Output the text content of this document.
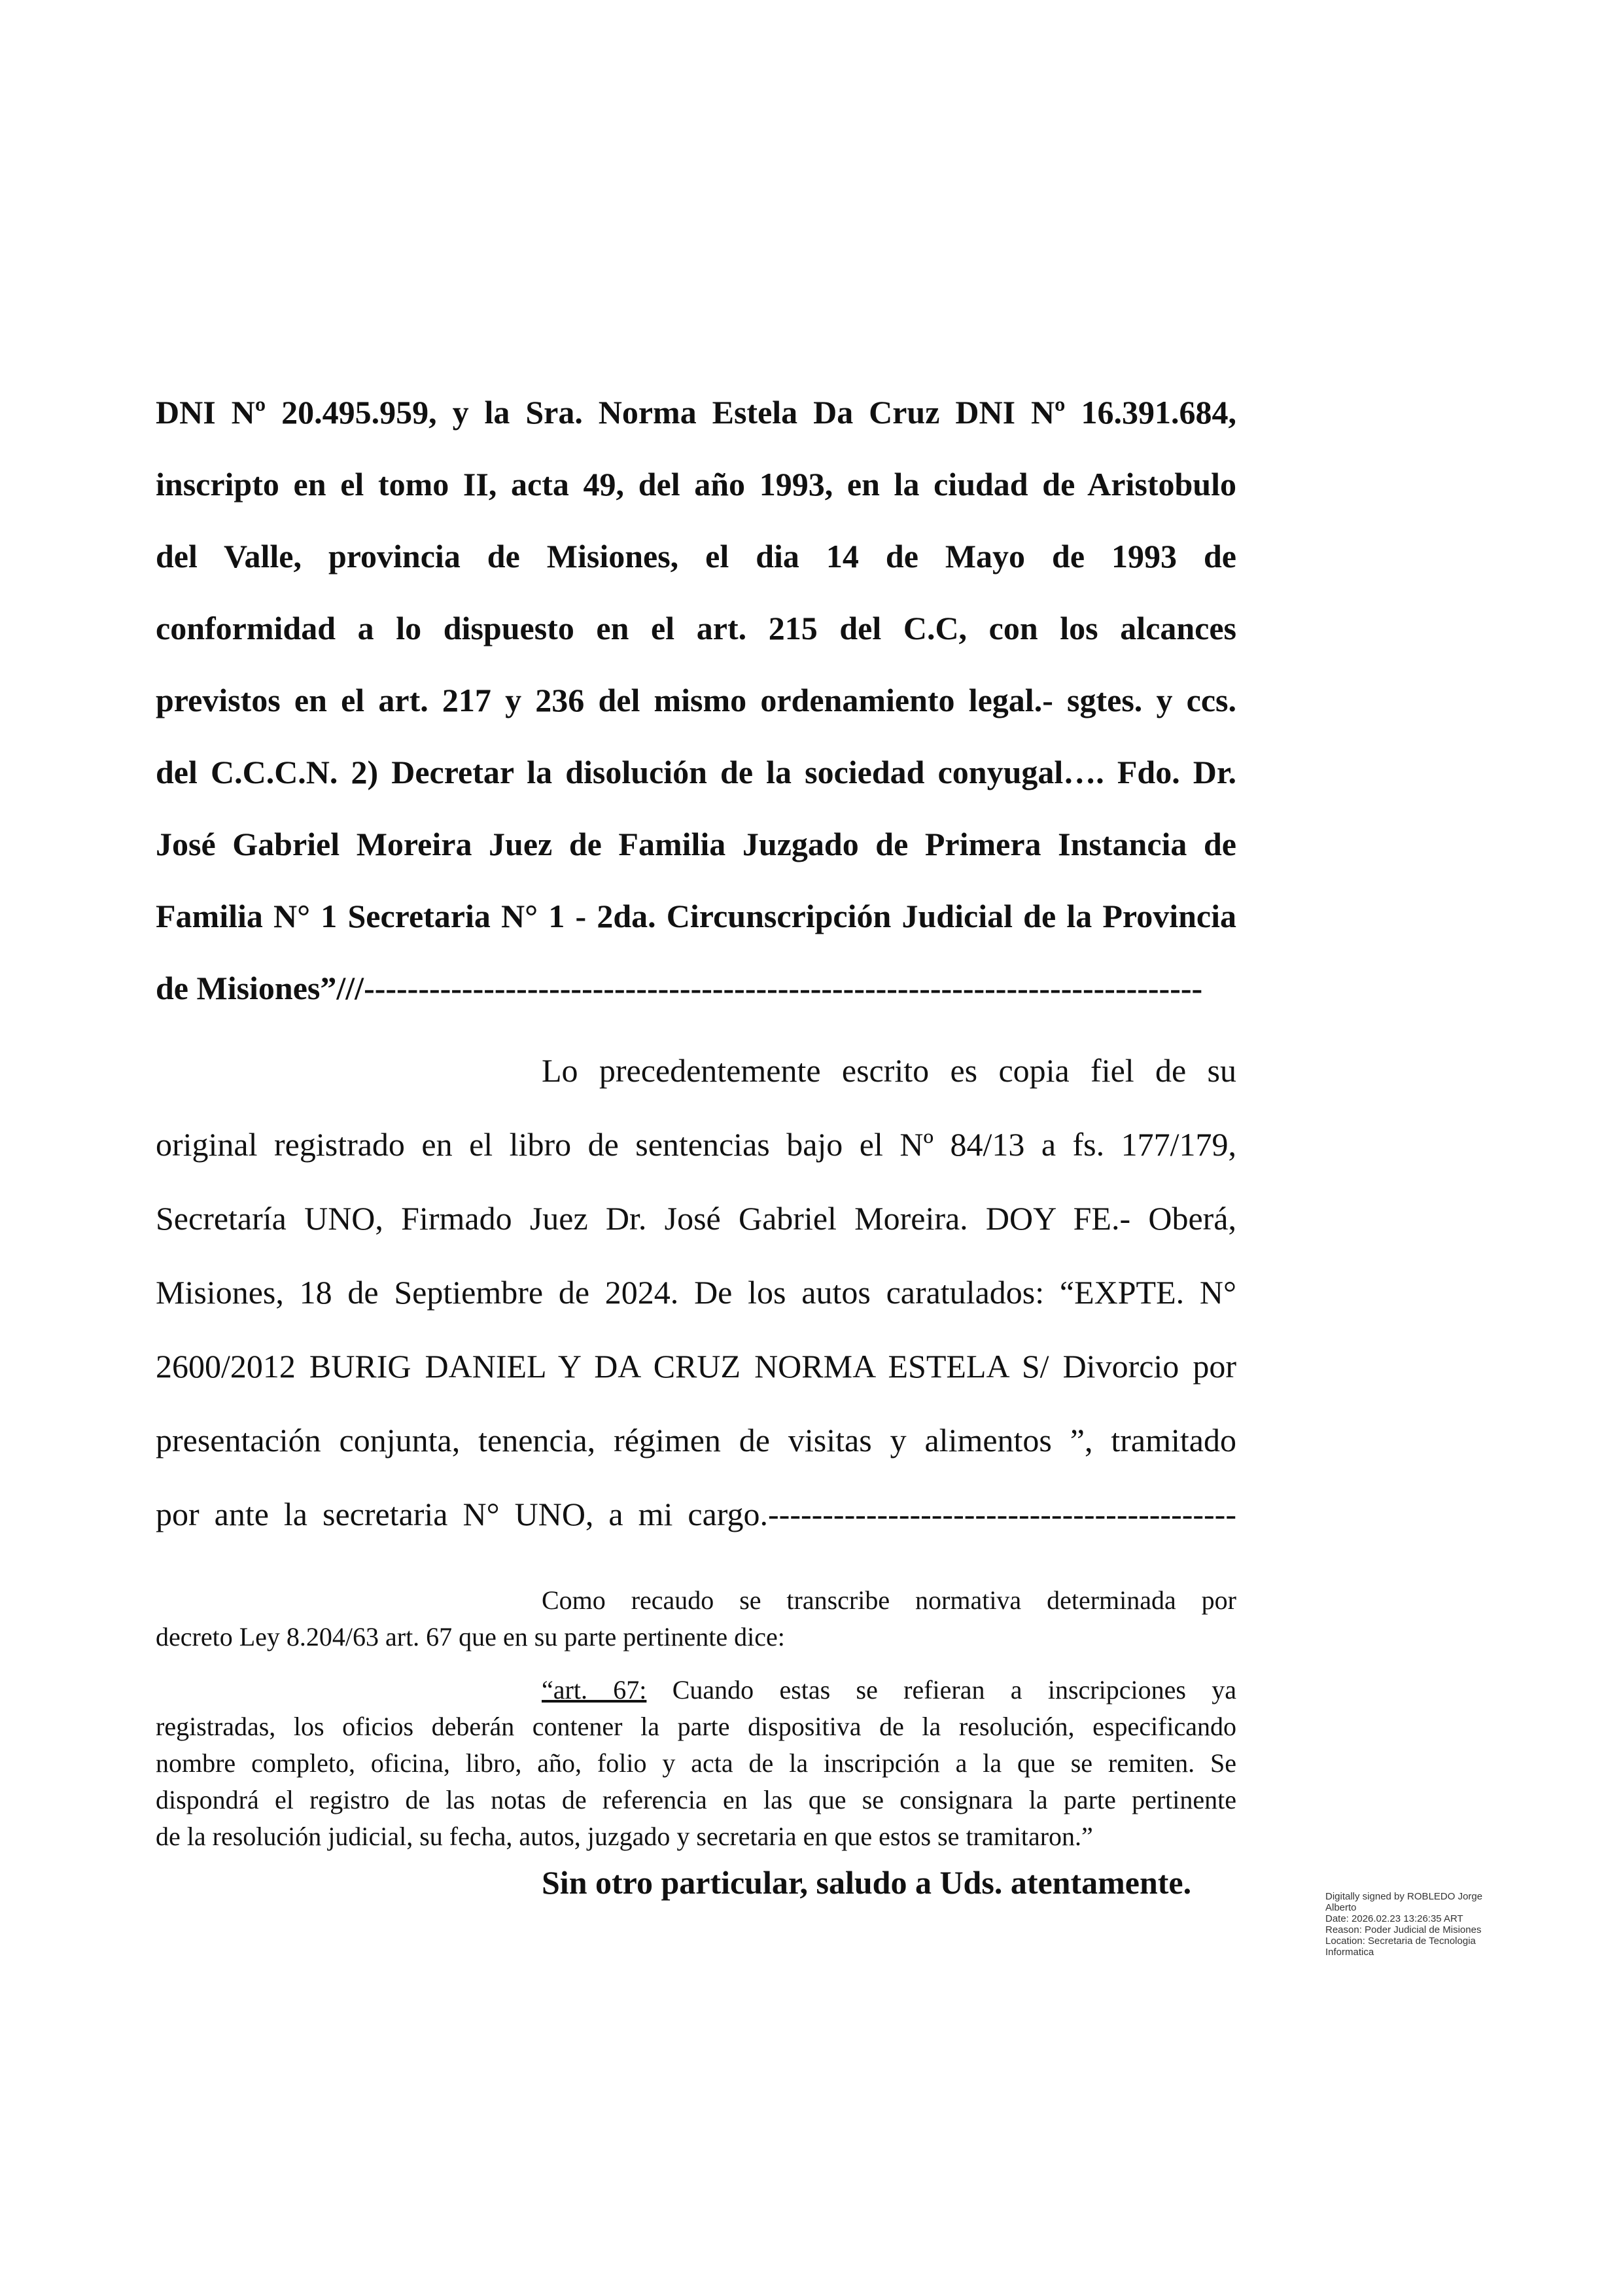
DNI Nº 20.495.959, y la Sra. Norma Estela Da Cruz DNI Nº 16.391.684,
inscripto en el tomo II, acta 49, del año 1993, en la ciudad de Aristobulo
del Valle, provincia de Misiones, el dia 14 de Mayo de 1993 de
conformidad a lo dispuesto en el art. 215 del C.C, con los alcances
previstos en el art. 217 y 236 del mismo ordenamiento legal.- sgtes. y ccs.
del C.C.C.N. 2) Decretar la disolución de la sociedad conyugal…. Fdo. Dr.
José Gabriel Moreira Juez de Familia Juzgado de Primera Instancia de
Familia N° 1 Secretaria N° 1 - 2da. Circunscripción Judicial de la Provincia
de Misiones”///-----------------------------------------------------------------------------
Lo precedentemente escrito es copia fiel de su
original registrado en el libro de sentencias bajo el Nº 84/13 a fs. 177/179,
Secretaría UNO, Firmado Juez Dr. José Gabriel Moreira. DOY FE.- Oberá,
Misiones, 18 de Septiembre de 2024. De los autos caratulados: “EXPTE. N°
2600/2012 BURIG DANIEL Y DA CRUZ NORMA ESTELA S/ Divorcio por
presentación conjunta, tenencia, régimen de visitas y alimentos ”, tramitado
por ante la secretaria N° UNO, a mi cargo.-------------------------------------------
Como recaudo se transcribe normativa determinada por
decreto Ley 8.204/63 art. 67 que en su parte pertinente dice:
“art. 67: Cuando estas se refieran a inscripciones ya
registradas, los oficios deberán contener la parte dispositiva de la resolución, especificando
nombre completo, oficina, libro, año, folio y acta de la inscripción a la que se remiten. Se
dispondrá el registro de las notas de referencia en las que se consignara la parte pertinente
de la resolución judicial, su fecha, autos, juzgado y secretaria en que estos se tramitaron.”
Sin otro particular, saludo a Uds. atentamente.	Digitally signed by ROBLEDO Jorge
Alberto
Date: 2026.02.23 13:26:35 ART
Reason: Poder Judicial de Misiones
Location: Secretaria de Tecnologia
Informatica
